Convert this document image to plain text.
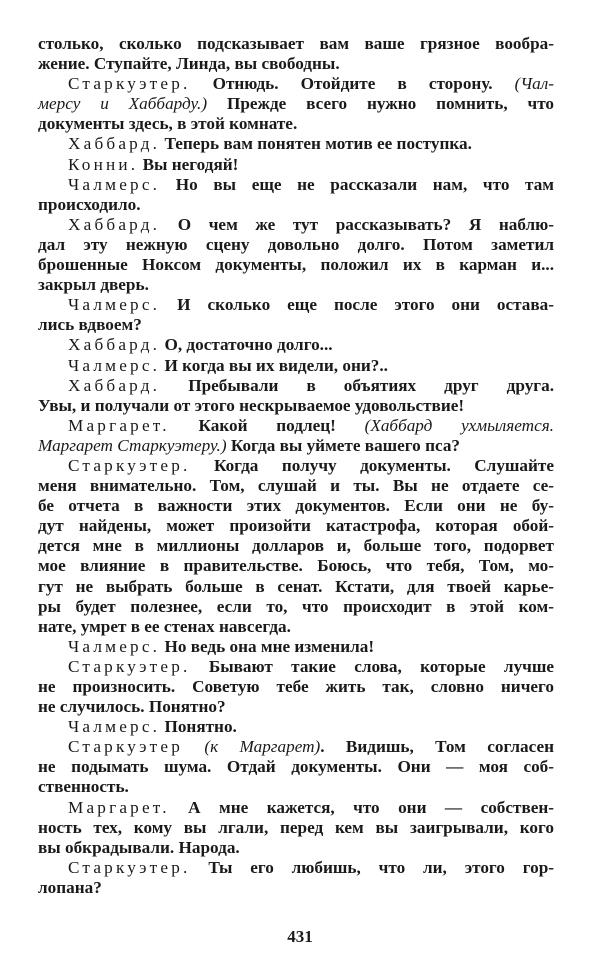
столько, сколько подсказывает вам ваше грязное вообра-
жение. Ступайте, Линда, вы свободны.
Старкуэтер. Отнюдь. Отойдите в сторону. (Чал-
мерсу и Хаббарду.) Прежде всего нужно помнить, что
документы здесь, в этой комнате.
Хаббард. Теперь вам понятен мотив ее поступка.
Конни. Вы негодяй!
Чалмерс. Но вы еще не рассказали нам, что там
происходило.
Хаббард. О чем же тут рассказывать? Я наблю-
дал эту нежную сцену довольно долго. Потом заметил
брошенные Ноксом документы, положил их в карман и...
закрыл дверь.
Чалмерс. И сколько еще после этого они остава-
лись вдвоем?
Хаббард. О, достаточно долго...
Чалмерс. И когда вы их видели, они?..
Хаббард. Пребывали в объятиях друг друга.
Увы, и получали от этого нескрываемое удовольствие!
Маргарет. Какой подлец! (Хаббард ухмыляется.
Маргарет Старкуэтеру.) Когда вы уймете вашего пса?
Старкуэтер. Когда получу документы. Слушайте
меня внимательно. Том, слушай и ты. Вы не отдаете се-
бе отчета в важности этих документов. Если они не бу-
дут найдены, может произойти катастрофа, которая обой-
дется мне в миллионы долларов и, больше того, подорвет
мое влияние в правительстве. Боюсь, что тебя, Том, мо-
гут не выбрать больше в сенат. Кстати, для твоей карье-
ры будет полезнее, если то, что происходит в этой ком-
нате, умрет в ее стенах навсегда.
Чалмерс. Но ведь она мне изменила!
Старкуэтер. Бывают такие слова, которые лучше
не произносить. Советую тебе жить так, словно ничего
не случилось. Понятно?
Чалмерс. Понятно.
Старкуэтер (к Маргарет). Видишь, Том согласен
не подымать шума. Отдай документы. Они — моя соб-
ственность.
Маргарет. А мне кажется, что они — собствен-
ность тех, кому вы лгали, перед кем вы заигрывали, кого
вы обкрадывали. Народа.
Старкуэтер. Ты его любишь, что ли, этого гор-
лопана?
431
